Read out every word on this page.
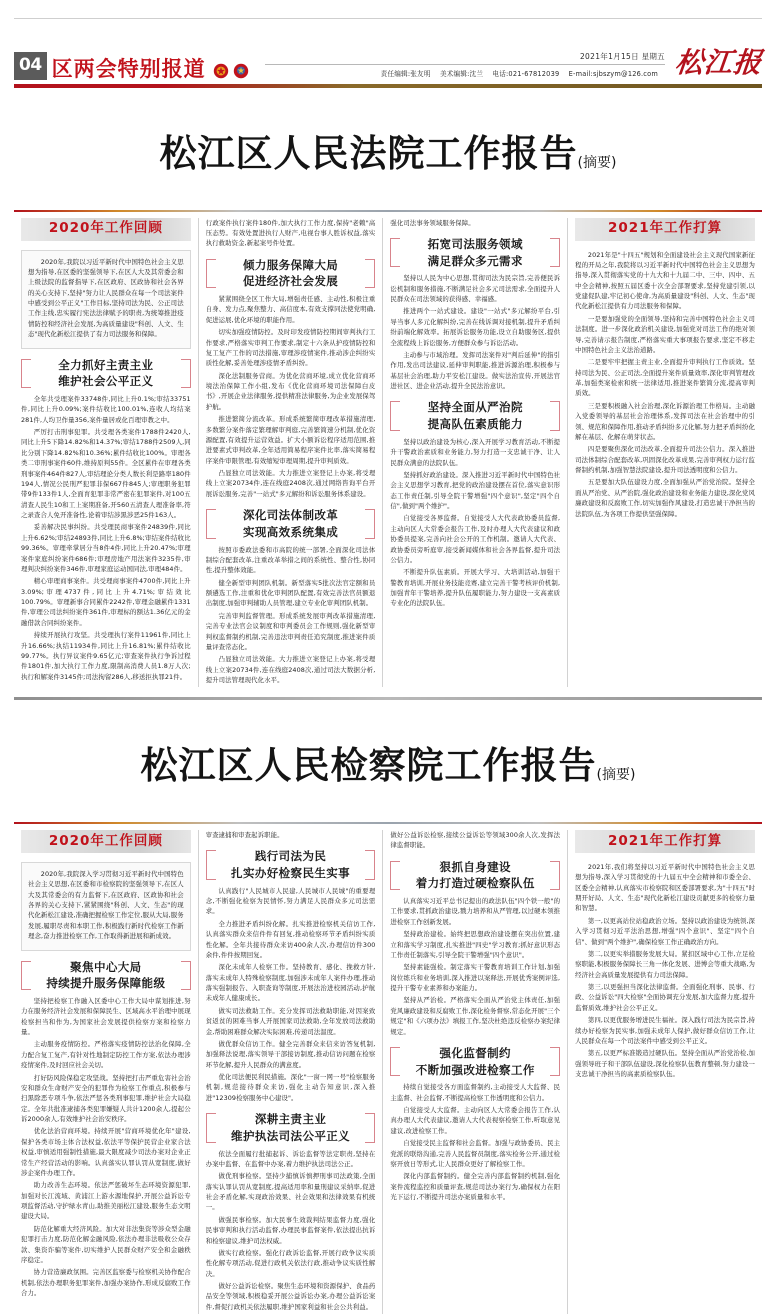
04 区两会特别报道
2021年1月15日 星期五
责任编辑:张友明 美术编辑:沈兰 电话:021-67812039 E-mail:sjbszym@126.com 松江报
松江区人民法院工作报告(摘要)
2020年工作回顾

2020年,我院以习近平新时代中国特色社会主义思想为指导,在区委的坚强领导下,在区人大及其常委会和上级法院的监督指导下,在区政府、区政协和社会各界的关心支持下,坚持"努力让人民群众在每一个司法案件中感受到公平正义"工作目标,坚持司法为民、公正司法工作主线,忠实履行宪法法律赋予的职责,为统筹推进疫情防控和经济社会发展,为高质量建设"科创、人文、生态"现代化新松江提供了有力司法服务和保障。

全力抓好主责主业
维护社会公平正义

全年共受理案件33748件,同比上升0.1%;审结33751件,同比上升0.09%;案件结收比100.01%,连收人均结案281件,人均卫作量356,案件量居或化百理审教之中。

严厉打击刑事犯罪。共受理各类案件1788件2420人,同比上升5下降14.82%和14.37%;审结1788件2509人,同比分别下降14.82%和10.36%;累件结收比100%。审理各类二审刑事案件60件,维持原判55件。全区累件在审理各类刑事案件464件827人,审结理论分类人数长利是路率180件194人,情况公民刑严犯罪非保667件845人;审理职务犯罪带9件133件1人,全面育犯罪非常严密在犯罪案件,对100五清查人民生10和工上案期准备,开560五清查人理准备率,符之录查合人免开准备性,论着审结涉黑涉恶25件163人。

妥善解决民事纠纷。共受理民商事案件24839件,同比上升6.62%;审结24893件,同比上升6.8%;审结案件结收比99.36%。审理牵掌居分当8件4件,同比上升20.47%;审理案件家庭纠纷案件686件;审理房地产用法案件3235件,审理判决纠纷案件346件,审理家庭运动国同法,审理484件。

精心审理商事案件。共受理商事案件4700件,同比上升3.09%;审理4737件,同比上升4.71%;审结效比100.79%。审理新事合同累件2242件,审理金融累件1331件,审理公司法纠纷案件361件,审理标的额达1.36亿元的金融借款合同纠纷案件。

持续开展执行攻坚。共受理执行案件11961件,同比上升16.66%;执结11934件,同比上升16.81%;累件结收比99.77%。执行异议案件9.65亿元;审查案件执行争诉过程件1801件,加大执行工作力度,限制高消费人员1.8万人次;执行和解案件3145件;司法拘留286人,移送拒执罪21件。

行政案件执行案件180件,加大执行工作力度,保持"老赖"高压态势。有效处置进执行人财产,电视台事人胜诉权益,落实执行救助资金,新起案号件处置。

倾力服务保障大局
促进经济社会发展

紧紧围绕全区工作大局,增强责任感、主动性,积极注重自身、发力点,聚焦整力、高信度本,有效支撑同法使党明确,促进运展,优化环境的职能作用。

切实加强疫情防控。及时印发疫情防控期间审判执行工作要求,严格落实审判工作要求,制定十六条从护疫情防控和复工复产工作的司法措施,审理涉疫情案件,推动涉企纠纷实质性化解,妥善处理涉疫情矛盾纠纷。

深化法制服务营商。为优化营商环境,成立优化营商环境法治保障工作小组,发布《优化营商环境司法保障白皮书》,开展企业法律服务,提供精准法律服务,为企业发展保驾护航。

推进繁简分流改革。形成系统繁简审理改革措施清理,多数繁分案件落定繁理解审判庭,完善繁简速分机制,优化资源配置,有效提升运营效益。扩大小额诉讼程序适用范围,推进要素式审判改革,全年适用简易程序案件比率,落实简易程序案件审限管理,有效缩短审理周期,提升审判质效。

凸显独立司法效能。大力推进立案登记上办案,将受理线上立案20734件,连在线庭2408次,通过网络咨询平台开展诉讼服务,完善"一站式"多元解纷和诉讼服务体系建设。

深化司法体制改革
实现高效系统集成

按照市委政法委和市高院的统一部署,全面深化司法体制综合配套改革,注重改革举措之间的系统性、整合性,协同性,提升整体效能。

健全新型审判团队机制。新型落实5批次法官定额和员额遴选工作,注重和优化审判团队配置,有效完善法官员额退出制度,加强审判辅助人员管理,建立专业化审判团队机制。

完善审判监督管理。形成系统发展审判改革措施清理,完善专业法官会议制度和审判委员会工作规则,强化新型审判权监督制约机制,完善违法审判责任追究制度,推进案件质量评查常态化。

凸显独立司法效能。大力推进立案登记上办案,将受理线上立案20734件,连在线庭2408次,通过司法大数据分析,提升司法管理现代化水平。

强化司法事务领域服务保障。

拓宽司法服务领域
满足群众多元需求

坚持以人民为中心思想,贯彻司法为民宗旨,完善便民诉讼机制和服务措施,不断满足社会多元司法需求,全面提升人民群众在司法领域的获得感、幸福感。

推进两个一站式建设。建设"一站式"多元解纷平台,引导当事人多元化解纠纷,完善在线诉调对接机制,提升矛盾纠纷前端化解效率。拓展诉讼服务功能,设立自助服务区,提供全流程线上诉讼服务,方便群众参与诉讼活动。

主动参与市域治理。发挥司法案件对"判后延伸"的指引作用,发出司法建议,延伸审判职能,推进诉源治理,积极参与基层社会治理,助力平安松江建设。做实法治宣传,开展法官进社区、进企业活动,提升全民法治意识。

坚持全面从严治院
提高队伍素质能力

坚持以政治建设为核心,深入开展学习教育活动,不断提升干警政治素质和业务能力,努力打造一支忠诚干净、让人民群众满意的法院队伍。

坚持抓好政治建设。深入推进习近平新时代中国特色社会主义思想学习教育,把党的政治建设摆在首位,落实意识形态工作责任制,引导全院干警增强"四个意识",坚定"四个自信",做到"两个维护"。

自觉接受各界监督。自觉接受人大代表政协委员监督,主动向区人大常委会报告工作,及时办理人大代表建议和政协委员提案,完善向社会公开的工作机制。邀请人大代表、政协委员旁听庭审,接受新闻媒体和社会各界监督,提升司法公信力。

不断提升队伍素质。开展大学习、大培训活动,加强干警教育培训,开展业务技能竞赛,建立完善干警考核评价机制,加强青年干警培养,提升队伍履职能力,努力建设一支高素质专业化的法院队伍。

2021年工作打算

2021年是"十四五"规划和全面建设社会主义现代国家新征程的开局之年,我院将以习近平新时代中国特色社会主义思想为指导,深入贯彻落实党的十九大和十九届二中、三中、四中、五中全会精神,按照五届区委十次全会部署要求,坚持党建引领,以党建促队建,牢记初心使命,为高质量建设"科创、人文、生态"现代化新松江提供有力司法服务和保障。

一是要加强党的全面领导,坚持和完善中国特色社会主义司法制度。进一步深化政治机关建设,加强党对司法工作的绝对领导,完善请示报告制度,严格落实重大事项报告要求,坚定不移走中国特色社会主义法治道路。

二是要牢牢把握主责主业,全面提升审判执行工作质效。坚持司法为民、公正司法,全面提升案件质量效率,深化审判管理改革,加强类案检索和统一法律适用,推进案件繁简分流,提高审判质效。

三是要积极融入社会治理,深化诉源治理工作格局。主动融入党委领导的基层社会治理体系,发挥司法在社会治理中的引领、规范和保障作用,推动矛盾纠纷多元化解,努力把矛盾纠纷化解在基层、化解在萌芽状态。

四是要聚焦深化司法改革,全面提升司法公信力。深入推进司法体制综合配套改革,巩固深化改革成果,完善审判权力运行监督制约机制,加强智慧法院建设,提升司法透明度和公信力。

五是要加大队伍建设力度,全面加强从严治党治院。坚持全面从严治党、从严治院,强化政治建设和业务能力建设,深化党风廉政建设和反腐败工作,切实加强作风建设,打造忠诚干净担当的法院队伍,为各项工作提供坚强保障。

松江区人民检察院工作报告(摘要)
2020年工作回顾

2020年,我院深入学习贯彻习近平新时代中国特色社会主义思想,在区委和市检察院的坚强领导下,在区人大及其常委会的有力监督下,在区政府、区政协和社会各界的关心支持下,紧紧围绕"科创、人文、生态"的现代化新松江建设,准确把握检察工作定位,服从大局,服务发展,履职尽责和本职工作,积极践行新时代检察工作新理念,奋力推进检察工作,工作取得新进展和新成效。

聚焦中心大局
持续提升服务保障能级

坚持把检察工作融入区委中心工作大局中谋划推进,努力在服务经济社会发展和保障民生、区域高水平治理中展现检察担当和作为,为国家社会发展提供检察方案和检察力量。

主动服务疫情防控。严格落实疫情防控法治化保障,全力配合复工复产,有针对性地制定防控工作方案,依法办理涉疫情案件,及时回应社会关切。

打好防风险保稳定攻坚战。坚持把打击严重危害社会治安和群众生命财产安全的犯罪作为检察工作重点,积极参与扫黑除恶专项斗争,依法严惩各类刑事犯罪,维护社会大局稳定。全年共批准逮捕各类犯罪嫌疑人共计1200余人,提起公诉2000余人,有效维护社会治安秩序。

优化法治营商环境。持续开展"营商环境优化年"建设,保护各类市场主体合法权益,依法平等保护民营企业家合法权益,审慎适用强制性措施,最大限度减少司法办案对企业正常生产经营活动的影响。认真落实认罪认罚从宽制度,做好涉企案件办理工作。

助力改善生态环境。依法严惩破坏生态环境资源犯罪,加强对长江流域、黄浦江上游水源地保护,开展公益诉讼专项监督活动,守护绿水青山,助推美丽松江建设,服务生态文明建设大局。

防范化解重大经济风险。加大对非法集资等涉众型金融犯罪打击力度,防范化解金融风险,依法办理非法吸收公众存款、集资诈骗等案件,切实维护人民群众财产安全和金融秩序稳定。

协力营造廉政氛围。完善区监察委与检察机关协作配合机制,依法办理职务犯罪案件,加强办案协作,形成反腐败工作合力。

审查逮捕和审查起诉职能。

践行司法为民
扎实办好检察民生实事

认真践行"人民城市人民建,人民城市人民城"的重要理念,不断强化检察为民情怀,努力满足人民群众多元司法需求。

全力推进矛盾纠纷化解。扎实推进检察机关信访工作,认真落实群众来信件件有回复,推动检察环节矛盾纠纷实质性化解。全年共接待群众来访400余人次,办理信访件300余件,件件按期回复。

深化未成年人检察工作。坚持教育、感化、挽救方针,落实未成年人特殊检察制度,加强涉未成年人案件办理,推动落实强制报告、入职查询等制度,开展法治进校园活动,护航未成年人健康成长。

做实司法救助工作。充分发挥司法救助职能,对因案致贫返贫的困难当事人开展国家司法救助,全年发放司法救助金,帮助困难群众解决实际困难,传递司法温度。

做优群众信访工作。健全完善群众来信来访答复机制,加强释法说理,落实领导干部接访制度,推动信访问题在检察环节化解,提升人民群众的满意度。

优化司法便民利民措施。深化"一窗一网一号"检察服务机制,规范接待群众来访,强化主动告知意识,深入推进"12309检察服务中心建设"。

深耕主责主业
维护执法司法公平正义

依法全面履行批捕起诉、诉讼监督等法定职责,坚持在办案中监督、在监督中办案,着力维护执法司法公正。

做优刑事检察。坚持少捕慎诉慎押刑事司法政策,全面落实认罪认罚从宽制度,提高适用率和量刑建议采纳率,促进社会矛盾化解,实现政治效果、社会效果和法律效果有机统一。

做强民事检察。加大民事生效裁判结果监督力度,强化民事审判和执行活动监督,办理民事监督案件,依法提出抗诉和检察建议,维护司法权威。

做实行政检察。强化行政诉讼监督,开展行政争议实质性化解专项活动,促进行政机关依法行政,推动争议实质性解决。

做好公益诉讼检察。聚焦生态环境和资源保护、食品药品安全等领域,积极稳妥开展公益诉讼办案,办理公益诉讼案件,督促行政机关依法履职,维护国家利益和社会公共利益。

做好公益诉讼检察,接续公益诉讼等领域300余人次,发挥法律监督职能。

狠抓自身建设
着力打造过硬检察队伍

认真落实习近平总书记提出的政法队伍"四个铁一般"的工作要求,贯抓政治建设,戮力培养和从严管理,以过硬本领推进检察工作创新发展。

坚持政治建检。始终把思想政治建设摆在突出位置,建立和落实学习制度,扎实推进"四史"学习教育;抓好意识形态工作责任制落实,引导全院干警增强"四个意识"。

坚持素能强检。制定落实干警教育培训工作计划,加强岗位练兵和业务培训,深入推进以案释法,开展优秀案例评选,提升干警专业素养和办案能力。

坚持从严治检。严格落实全面从严治党主体责任,加强党风廉政建设和反腐败工作,深化检务督察,常态化开展"三个规定"和《六项办法》填报工作,坚决杜绝违反检察办案纪律规定。

强化监督制约
不断加强改进检察工作

持续自觉接受各方面监督制约,主动接受人大监督、民主监督、社会监督,不断提高检察工作透明度和公信力。

自觉接受人大监督。主动向区人大常委会报告工作,认真办理人大代表建议,邀请人大代表视察检察工作,听取意见建议,改进检察工作。

自觉接受民主监督和社会监督。加强与政协委员、民主党派的联络沟通,完善人民监督员制度,落实检务公开,通过检察开放日等形式,让人民群众更好了解检察工作。

深化内部监督制约。健全完善内部监督制约机制,强化案件流程监控和质量评查,规范司法办案行为,确保权力在阳光下运行,不断提升司法办案质量和水平。

2021年工作打算

2021年,我们将坚持以习近平新时代中国特色社会主义思想为指导,深入学习贯彻党的十九届五中全会精神和市委全会、区委全会精神,认真落实市检察院和区委部署要求,为"十四五"时期开好局、人文、生态"现代化新松江建设贡献更多的检察力量和智慧。

第一,以更高站位站稳政治立场。坚持以政治建设为统领,深入学习贯彻习近平法治思想,增强"四个意识"、坚定"四个自信"、做到"两个维护",确保检察工作正确政治方向。

第二,以更实举措服务发展大局。紧扣区域中心工作,立足检察职能,积极服务保障长三角一体化发展、进博会等重大战略,为经济社会高质量发展提供有力司法保障。

第三,以更强担当深化法律监督。全面强化刑事、民事、行政、公益诉讼"四大检察"全面协调充分发展,加大监督力度,提升监督质效,维护社会公平正义。

第四,以更优服务增进民生福祉。深入践行司法为民宗旨,持续办好检察为民实事,加强未成年人保护,做好群众信访工作,让人民群众在每一个司法案件中感受到公平正义。

第五,以更严标准锻造过硬队伍。坚持全面从严治党治检,加强领导班子和干部队伍建设,深化检察队伍教育整顿,努力建设一支忠诚干净担当的高素质检察队伍。
